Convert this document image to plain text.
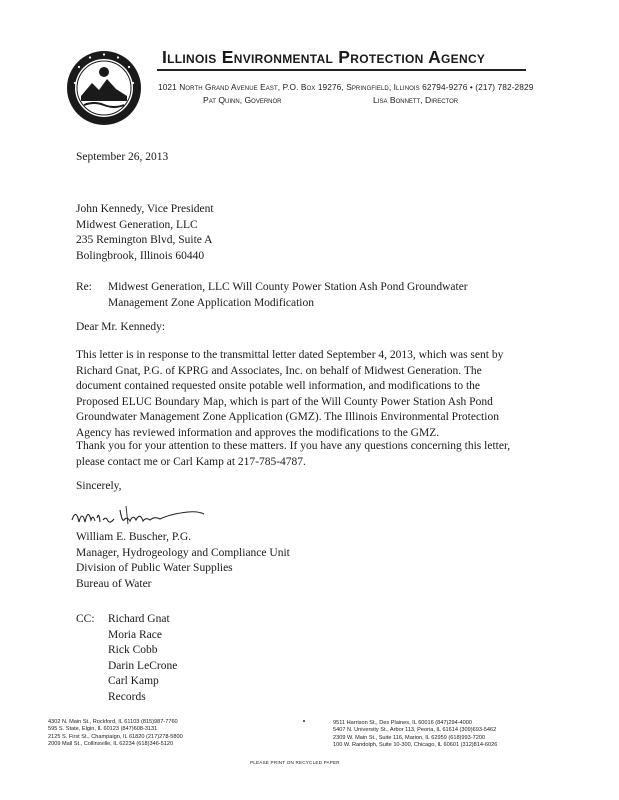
Illinois Environmental Protection Agency
1021 North Grand Avenue East, P.O. Box 19276, Springfield, Illinois 62794-9276 • (217) 782-2829
Pat Quinn, Governor	Lisa Bonnett, Director
September 26, 2013
John Kennedy, Vice President
Midwest Generation, LLC
235 Remington Blvd, Suite A
Bolingbrook, Illinois 60440
Re: Midwest Generation, LLC Will County Power Station Ash Pond Groundwater
Management Zone Application Modification
Dear Mr. Kennedy:
This letter is in response to the transmittal letter dated September 4, 2013, which was sent by
Richard Gnat, P.G. of KPRG and Associates, Inc. on behalf of Midwest Generation. The
document contained requested onsite potable well information, and modifications to the
Proposed ELUC Boundary Map, which is part of the Will County Power Station Ash Pond
Groundwater Management Zone Application (GMZ). The Illinois Environmental Protection
Agency has reviewed information and approves the modifications to the GMZ.
Thank you for your attention to these matters. If you have any questions concerning this letter,
please contact me or Carl Kamp at 217-785-4787.
Sincerely,
William E. Buscher, P.G.
Manager, Hydrogeology and Compliance Unit
Division of Public Water Supplies
Bureau of Water
CC: Richard Gnat
Moria Race
Rick Cobb
Darin LeCrone
Carl Kamp
Records
4302 N. Main St., Rockford, IL 61103 (815)987-7760
595 S. State, Elgin, IL 60123 (847)608-3131
2125 S. First St., Champaign, IL 61820 (217)278-5800
2009 Mall St., Collinsville, IL 62234 (618)346-5120
9511 Harrison St., Des Plaines, IL 60016 (847)294-4000
5407 N. University St., Arbor 113, Peoria, IL 61614 (309)693-5462
2309 W. Main St., Suite 116, Marion, IL 62959 (618)993-7200
100 W. Randolph, Suite 10-300, Chicago, IL 60601 (312)814-6026
PLEASE PRINT ON RECYCLED PAPER
